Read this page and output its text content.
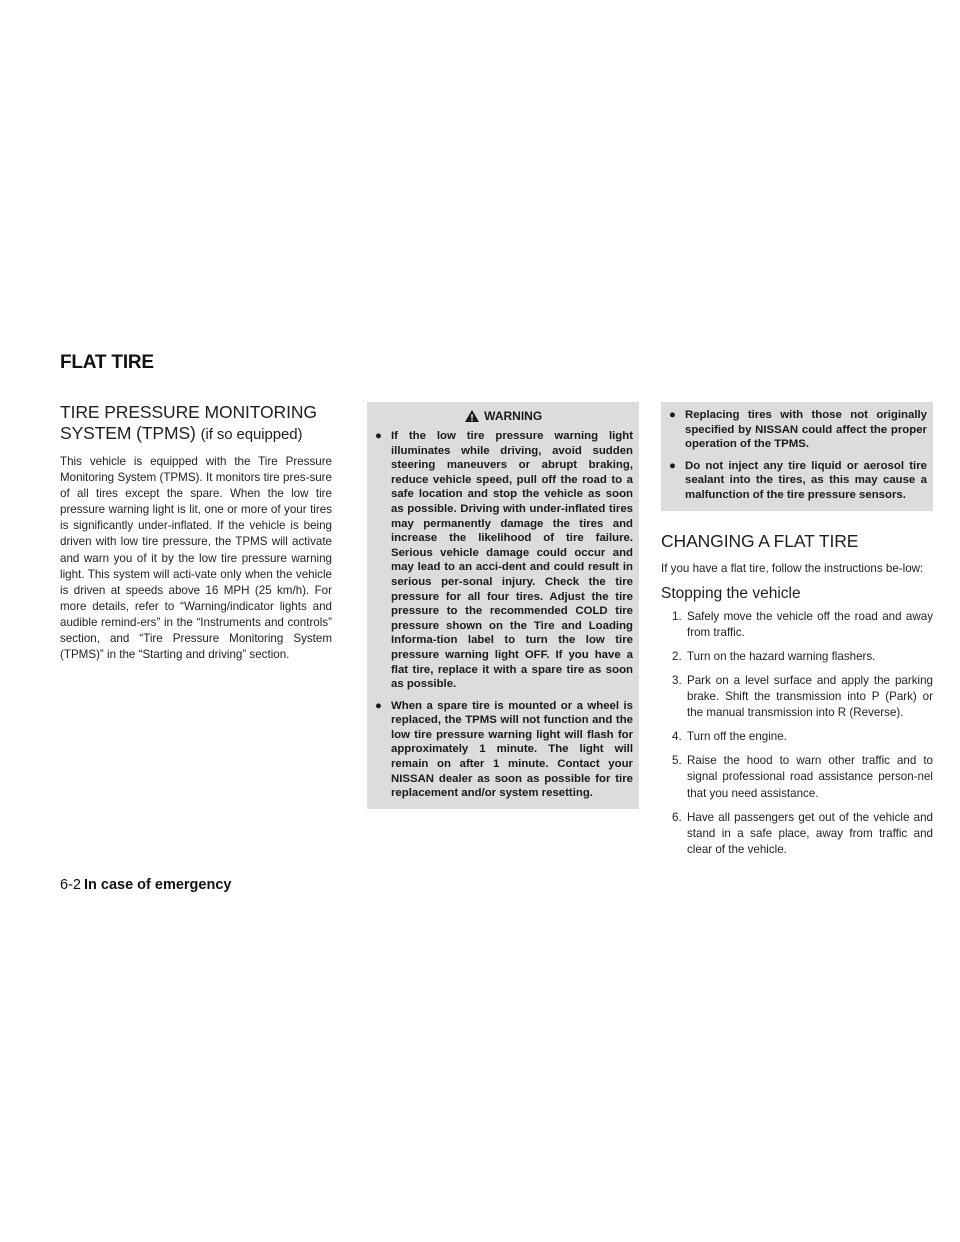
FLAT TIRE
TIRE PRESSURE MONITORING SYSTEM (TPMS) (if so equipped)

This vehicle is equipped with the Tire Pressure Monitoring System (TPMS). It monitors tire pres-sure of all tires except the spare. When the low tire pressure warning light is lit, one or more of your tires is significantly under-inflated. If the vehicle is being driven with low tire pressure, the TPMS will activate and warn you of it by the low tire pressure warning light. This system will acti-vate only when the vehicle is driven at speeds above 16 MPH (25 km/h). For more details, refer to “Warning/indicator lights and audible remind-ers” in the “Instruments and controls” section, and “Tire Pressure Monitoring System (TPMS)” in the “Starting and driving” section.

WARNING
● If the low tire pressure warning light illuminates while driving, avoid sudden steering maneuvers or abrupt braking, reduce vehicle speed, pull off the road to a safe location and stop the vehicle as soon as possible. Driving with under-inflated tires may permanently damage the tires and increase the likelihood of tire failure. Serious vehicle damage could occur and may lead to an acci-dent and could result in serious per-sonal injury. Check the tire pressure for all four tires. Adjust the tire pressure to the recommended COLD tire pressure shown on the Tire and Loading Informa-tion label to turn the low tire pressure warning light OFF. If you have a flat tire, replace it with a spare tire as soon as possible.
● When a spare tire is mounted or a wheel is replaced, the TPMS will not function and the low tire pressure warning light will flash for approximately 1 minute. The light will remain on after 1 minute. Contact your NISSAN dealer as soon as possible for tire replacement and/or system resetting.
● Replacing tires with those not originally specified by NISSAN could affect the proper operation of the TPMS.
● Do not inject any tire liquid or aerosol tire sealant into the tires, as this may cause a malfunction of the tire pressure sensors.
CHANGING A FLAT TIRE

If you have a flat tire, follow the instructions be-low:

Stopping the vehicle
1. Safely move the vehicle off the road and away from traffic.
2. Turn on the hazard warning flashers.
3. Park on a level surface and apply the parking brake. Shift the transmission into P (Park) or the manual transmission into R (Reverse).
4. Turn off the engine.
5. Raise the hood to warn other traffic and to signal professional road assistance person-nel that you need assistance.
6. Have all passengers get out of the vehicle and stand in a safe place, away from traffic and clear of the vehicle.
6-2 In case of emergency
